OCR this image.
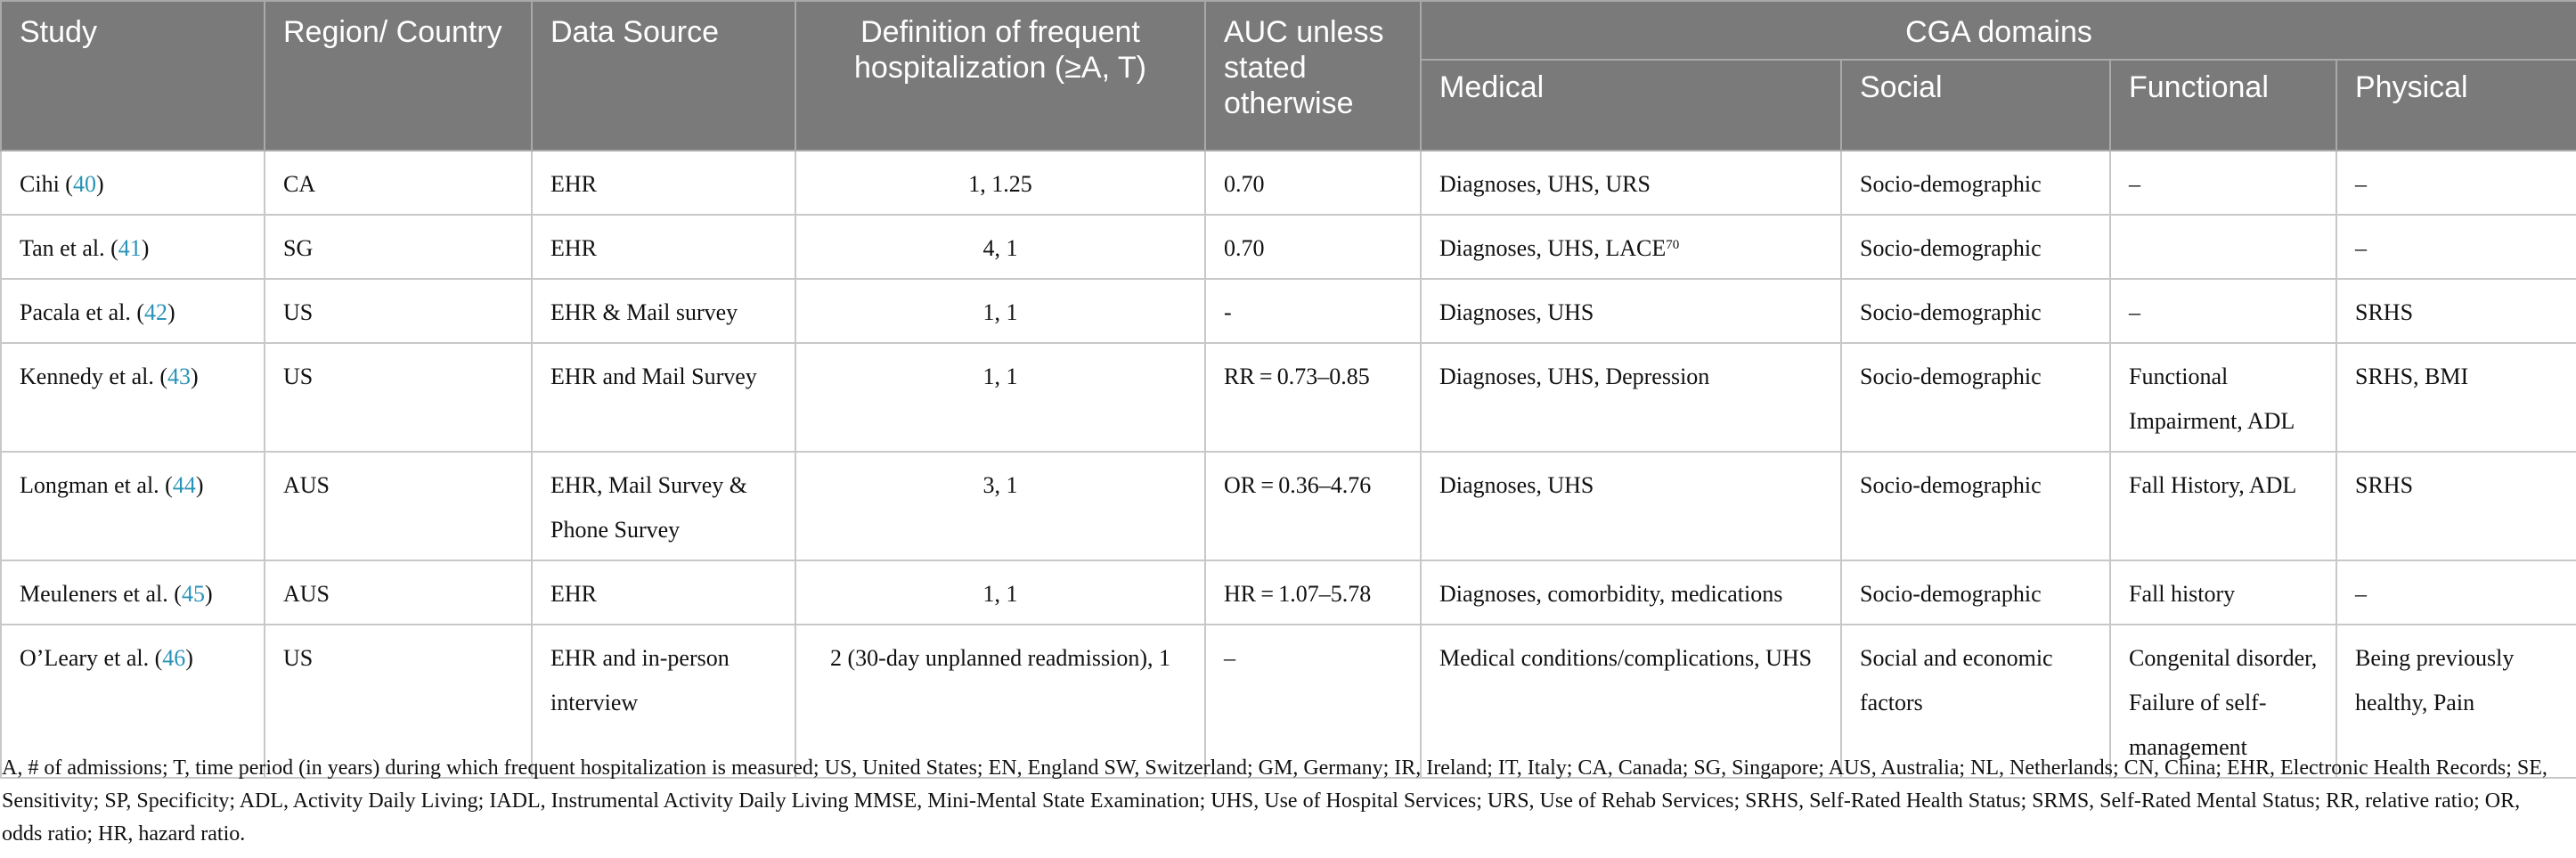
Study	Region/ Country	Data Source	Definition of frequent hospitalization (≥A, T)	AUC unless stated otherwise	CGA domains			
					Medical	Social	Functional	Physical
Cihi (40)	CA	EHR	1, 1.25	0.70	Diagnoses, UHS, URS	Socio-demographic	–	–
Tan et al. (41)	SG	EHR	4, 1	0.70	Diagnoses, UHS, LACE$^{70}$	Socio-demographic		–
Pacala et al. (42)	US	EHR & Mail survey	1, 1	-	Diagnoses, UHS	Socio-demographic	–	SRHS
Kennedy et al. (43)	US	EHR and Mail Survey	1, 1	RR = 0.73–0.85	Diagnoses, UHS, Depression	Socio-demographic	Functional Impairment, ADL	SRHS, BMI
Longman et al. (44)	AUS	EHR, Mail Survey & Phone Survey	3, 1	OR = 0.36–4.76	Diagnoses, UHS	Socio-demographic	Fall History, ADL	SRHS
Meuleners et al. (45)	AUS	EHR	1, 1	HR = 1.07–5.78	Diagnoses, comorbidity, medications	Socio-demographic	Fall history	–
O’Leary et al. (46)	US	EHR and in-person interview	2 (30-day unplanned readmission), 1	–	Medical conditions/complications, UHS	Social and economic factors	Congenital disorder, Failure of self-management	Being previously healthy, Pain
A, # of admissions; T, time period (in years) during which frequent hospitalization is measured; US, United States; EN, England SW, Switzerland; GM, Germany; IR, Ireland; IT, Italy; CA, Canada; SG, Singapore; AUS, Australia; NL, Netherlands; CN, China; EHR, Electronic Health Records; SE, Sensitivity; SP, Specificity; ADL, Activity Daily Living; IADL, Instrumental Activity Daily Living MMSE, Mini-Mental State Examination; UHS, Use of Hospital Services; URS, Use of Rehab Services; SRHS, Self-Rated Health Status; SRMS, Self-Rated Mental Status; RR, relative ratio; OR, odds ratio; HR, hazard ratio.
